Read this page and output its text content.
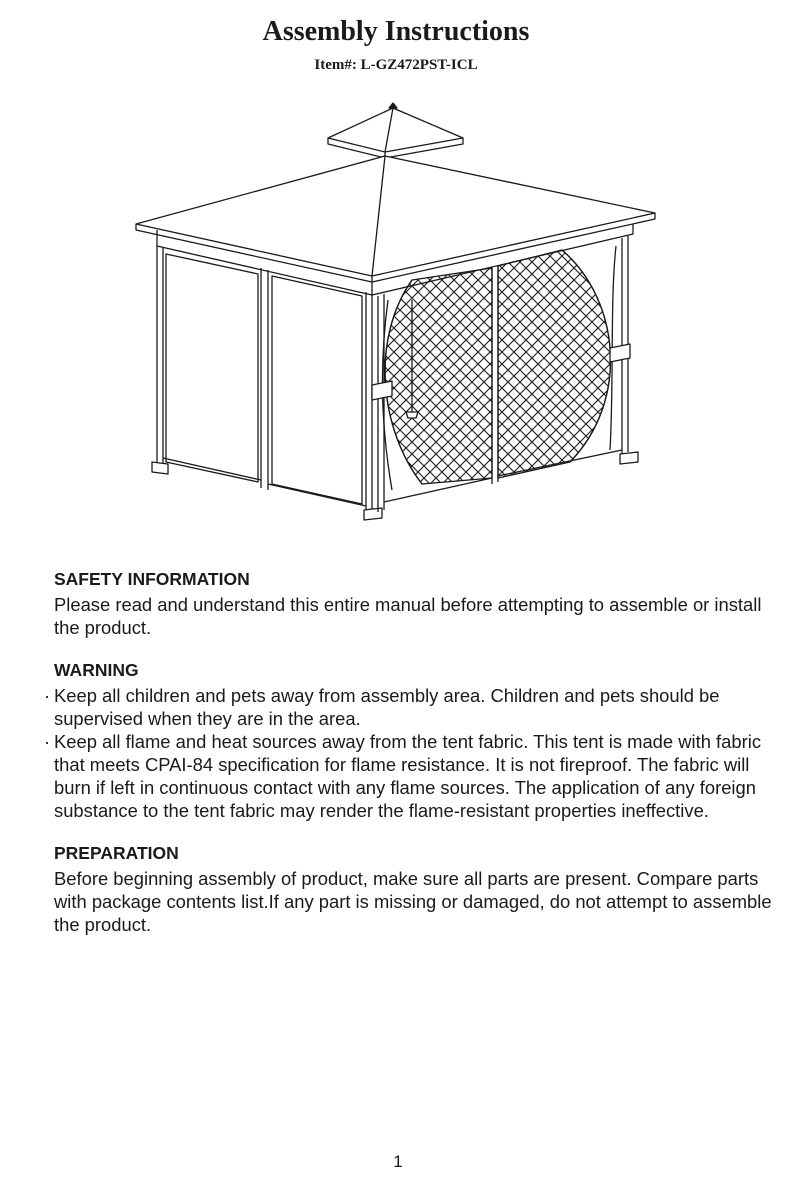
Assembly Instructions
Item#: L-GZ472PST-ICL
SAFETY INFORMATION

Please read and understand this entire manual before attempting to assemble or install the product.

WARNING
· Keep all children and pets away from assembly area. Children and pets should be supervised when they are in the area.
· Keep all flame and heat sources away from the tent fabric. This tent is made with fabric that meets CPAI-84 specification for flame resistance. It is not fireproof. The fabric will burn if left in continuous contact with any flame sources. The application of any foreign substance to the tent fabric may render the flame-resistant properties ineffective.
PREPARATION

Before beginning assembly of product, make sure all parts are present. Compare parts with package contents list.If any part is missing or damaged, do not attempt to assemble the product.

1
